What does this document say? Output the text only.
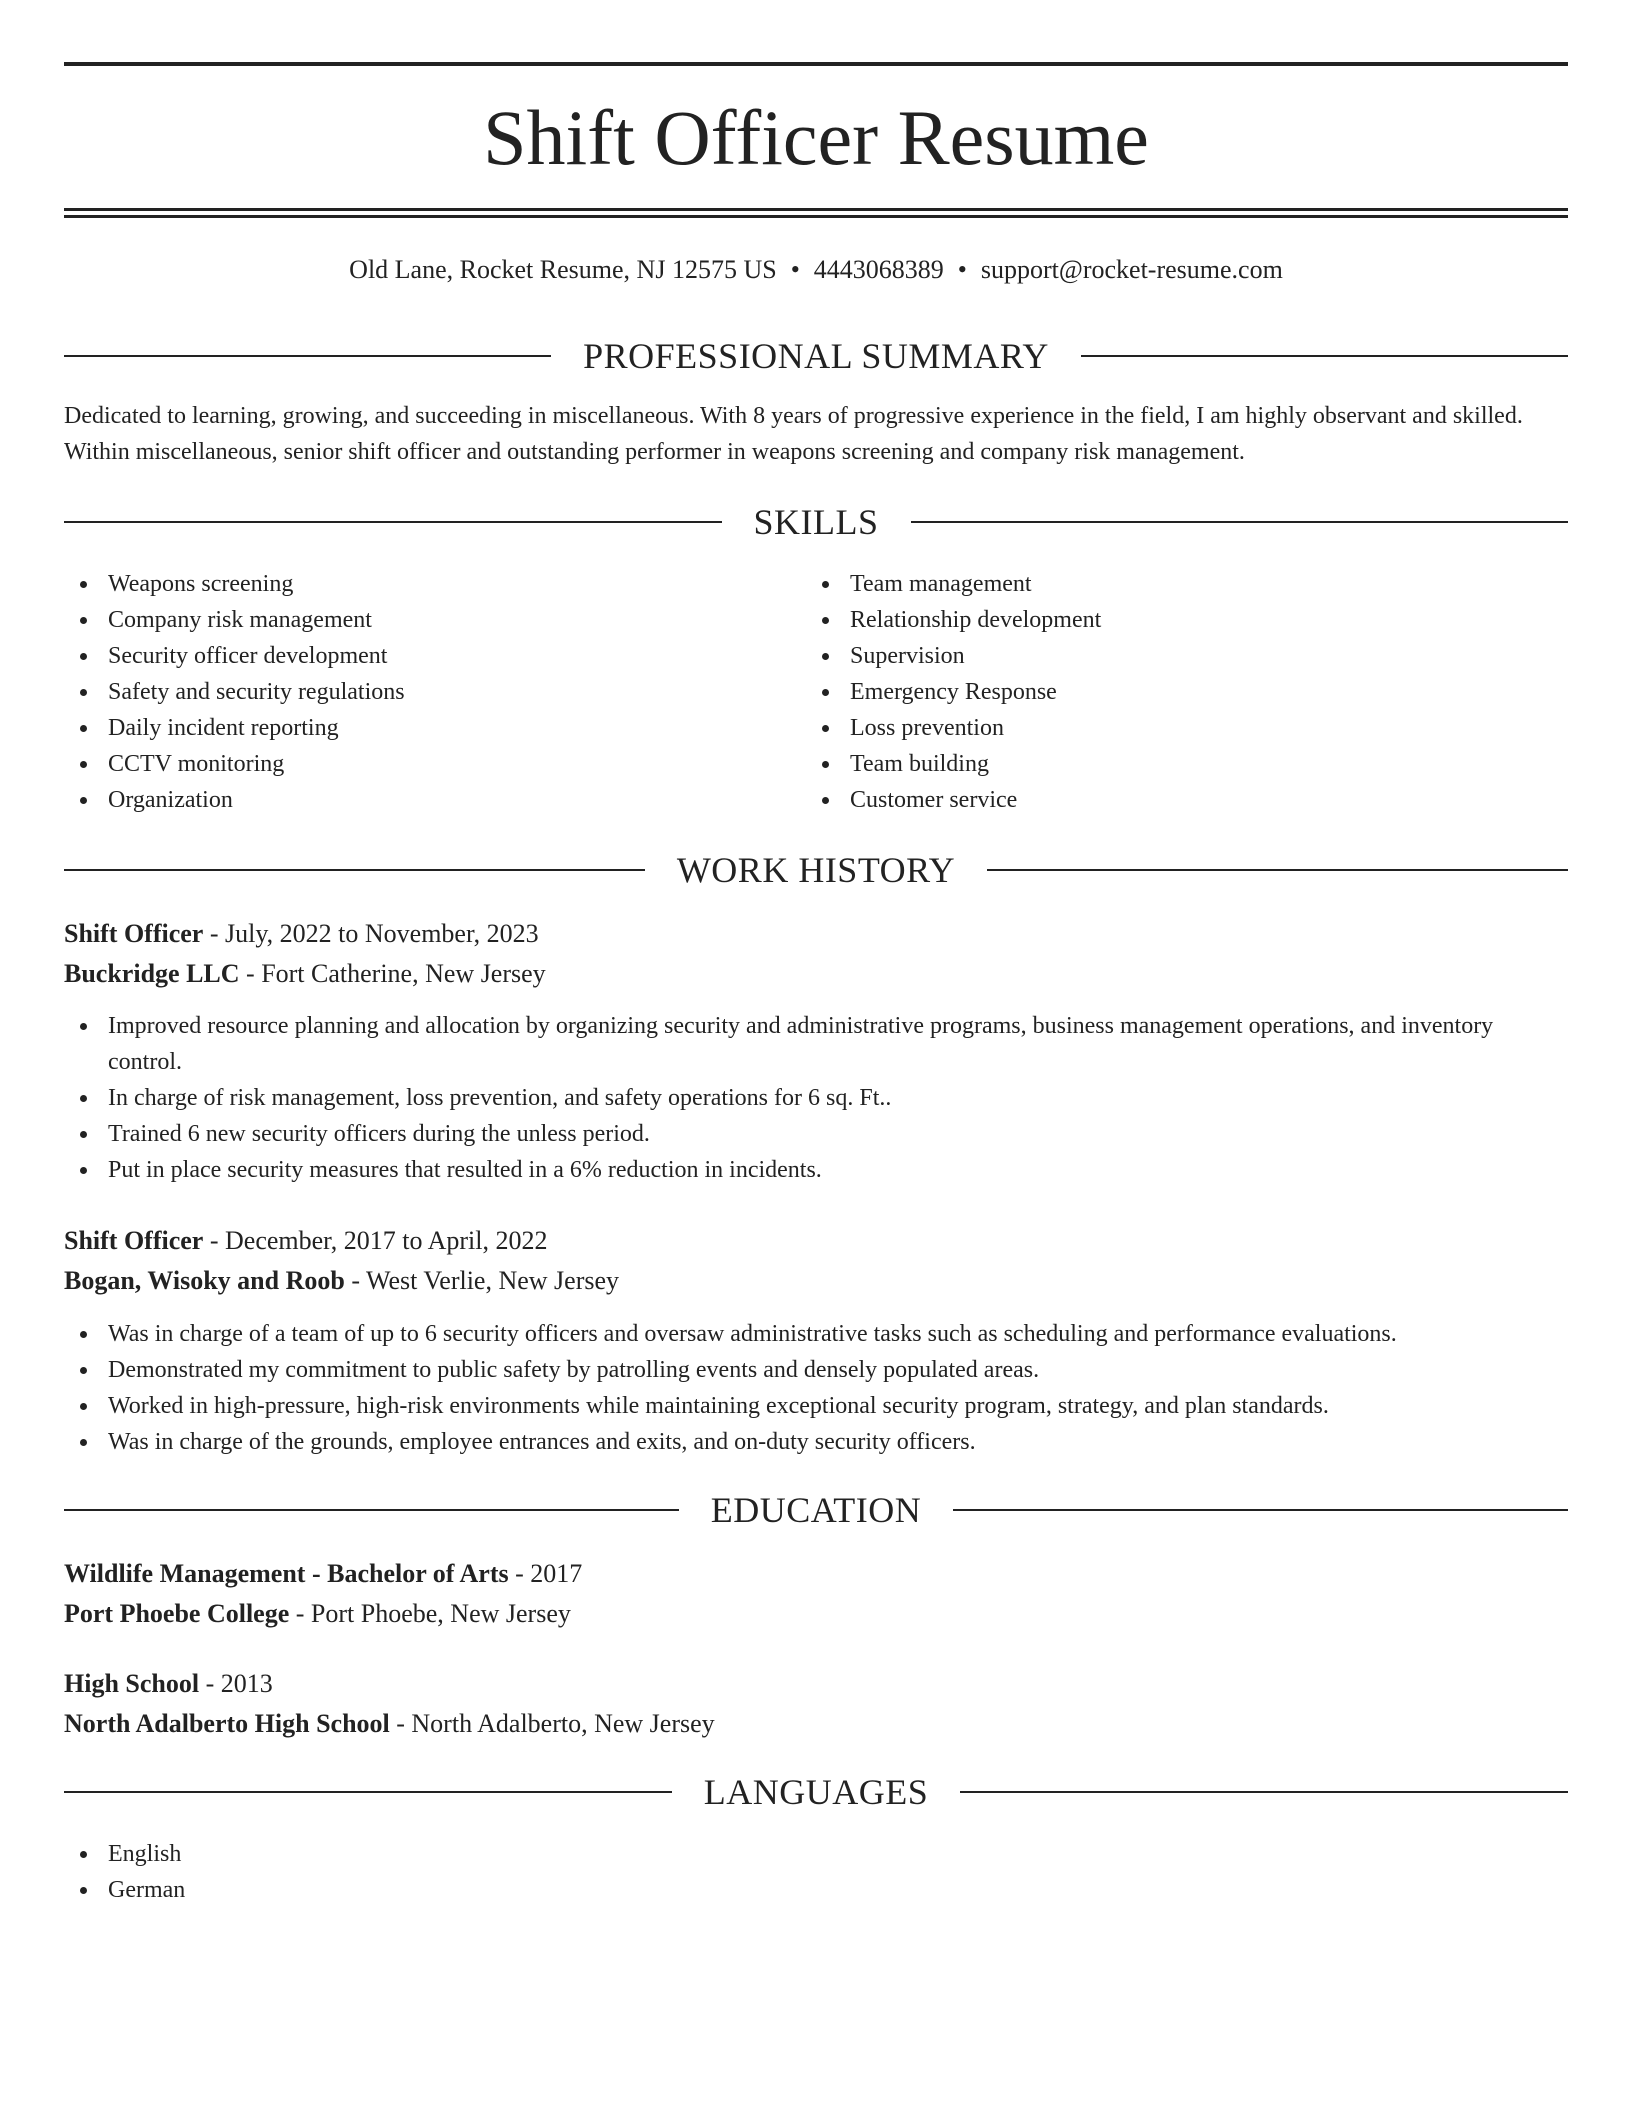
Shift Officer Resume
Old Lane, Rocket Resume, NJ 12575 US • 4443068389 • support@rocket-resume.com
PROFESSIONAL SUMMARY

Dedicated to learning, growing, and succeeding in miscellaneous. With 8 years of progressive experience in the field, I am highly observant and skilled. Within miscellaneous, senior shift officer and outstanding performer in weapons screening and company risk management.

SKILLS
Weapons screening
Company risk management
Security officer development
Safety and security regulations
Daily incident reporting
CCTV monitoring
Organization
Team management
Relationship development
Supervision
Emergency Response
Loss prevention
Team building
Customer service
WORK HISTORY
Shift Officer - July, 2022 to November, 2023
Buckridge LLC - Fort Catherine, New Jersey
Improved resource planning and allocation by organizing security and administrative programs, business management operations, and inventory control.
In charge of risk management, loss prevention, and safety operations for 6 sq. Ft..
Trained 6 new security officers during the unless period.
Put in place security measures that resulted in a 6% reduction in incidents.
Shift Officer - December, 2017 to April, 2022
Bogan, Wisoky and Roob - West Verlie, New Jersey
Was in charge of a team of up to 6 security officers and oversaw administrative tasks such as scheduling and performance evaluations.
Demonstrated my commitment to public safety by patrolling events and densely populated areas.
Worked in high-pressure, high-risk environments while maintaining exceptional security program, strategy, and plan standards.
Was in charge of the grounds, employee entrances and exits, and on-duty security officers.
EDUCATION
Wildlife Management - Bachelor of Arts - 2017
Port Phoebe College - Port Phoebe, New Jersey
High School - 2013
North Adalberto High School - North Adalberto, New Jersey
LANGUAGES
English
German
